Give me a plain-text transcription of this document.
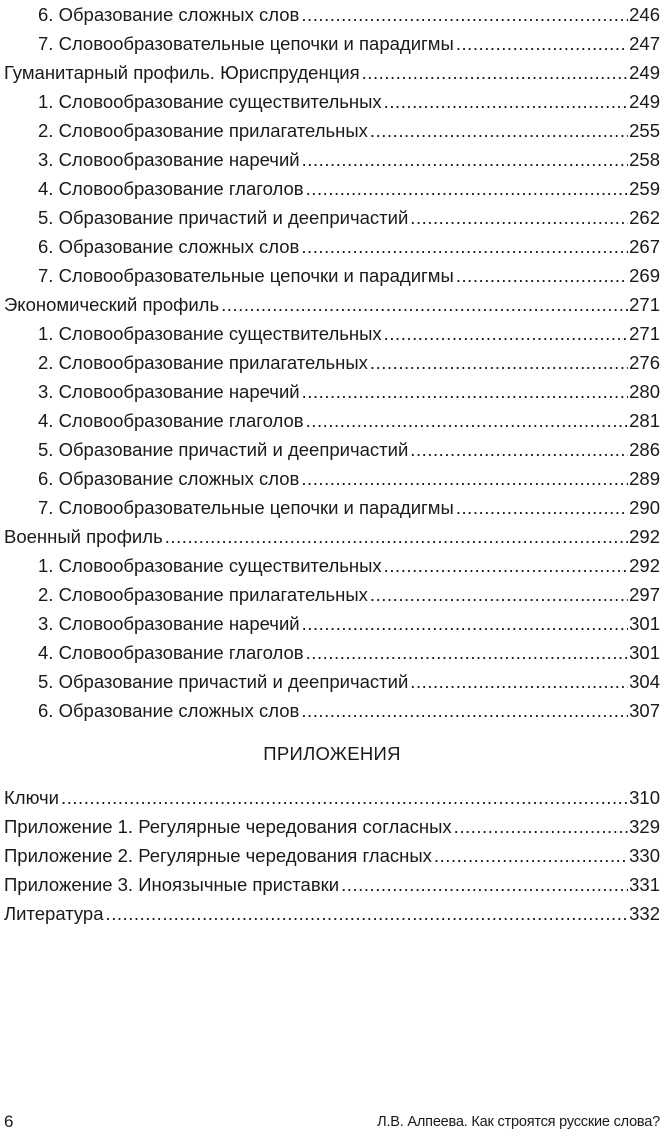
6. Образование сложных слов . . .	246
7. Словообразовательные цепочки и парадигмы . . .	247
Гуманитарный профиль. Юриспруденция . . .	249
1. Словообразование существительных . . .	249
2. Словообразование прилагательных . . .	255
3. Словообразование наречий . . .	258
4. Словообразование глаголов . . .	259
5. Образование причастий и деепричастий . . .	262
6. Образование сложных слов . . .	267
7. Словообразовательные цепочки и парадигмы . . .	269
Экономический профиль . . .	271
1. Словообразование существительных . . .	271
2. Словообразование прилагательных . . .	276
3. Словообразование наречий . . .	280
4. Словообразование глаголов . . .	281
5. Образование причастий и деепричастий . . .	286
6. Образование сложных слов . . .	289
7. Словообразовательные цепочки и парадигмы . . .	290
Военный профиль . . .	292
1. Словообразование существительных . . .	292
2. Словообразование прилагательных . . .	297
3. Словообразование наречий . . .	301
4. Словообразование глаголов . . .	301
5. Образование причастий и деепричастий . . .	304
6. Образование сложных слов . . .	307
ПРИЛОЖЕНИЯ
Ключи . . .	310
Приложение 1. Регулярные чередования согласных . . .	329
Приложение 2. Регулярные чередования гласных . . .	330
Приложение 3. Иноязычные приставки . . .	331
Литература . . .	332
6	Л.В. Алпеева. Как строятся русские слова?
